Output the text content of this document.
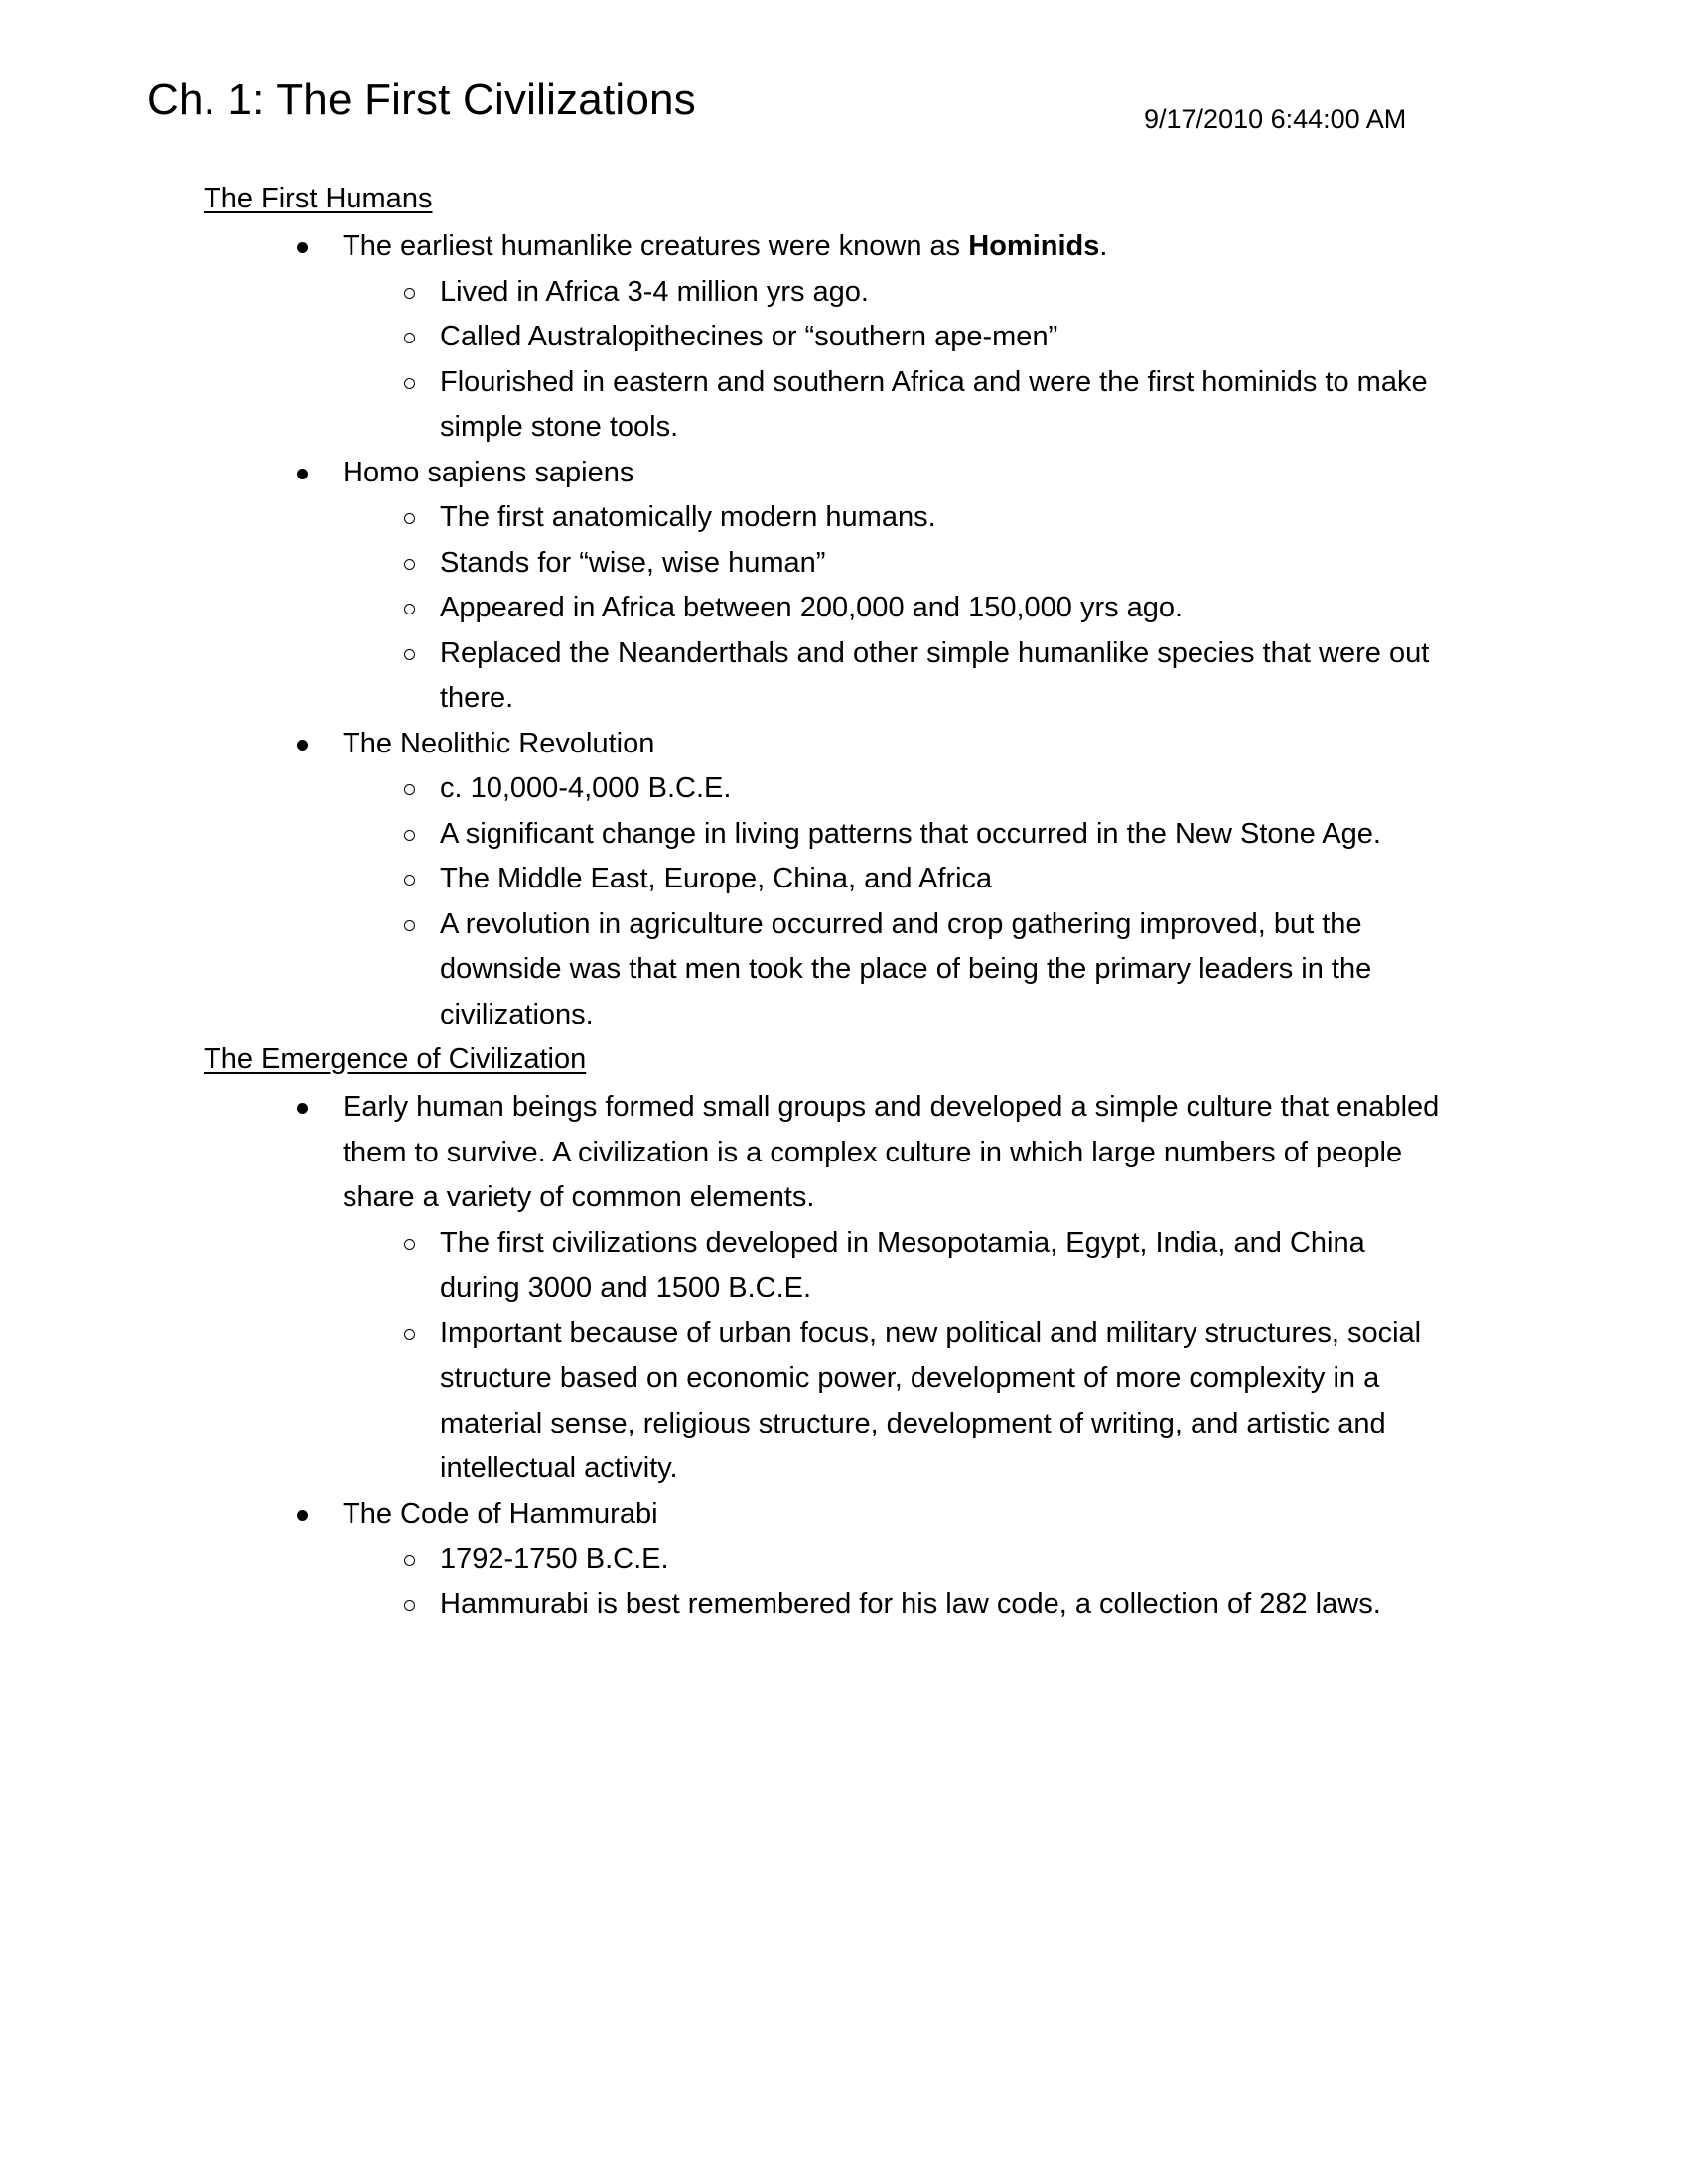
Ch. 1: The First Civilizations	9/17/2010 6:44:00 AM
The First Humans
The earliest humanlike creatures were known as Hominids.
Lived in Africa 3-4 million yrs ago.
Called Australopithecines or “southern ape-men”
Flourished in eastern and southern Africa and were the first hominids to make simple stone tools.
Homo sapiens sapiens
The first anatomically modern humans.
Stands for “wise, wise human”
Appeared in Africa between 200,000 and 150,000 yrs ago.
Replaced the Neanderthals and other simple humanlike species that were out there.
The Neolithic Revolution
c. 10,000-4,000 B.C.E.
A significant change in living patterns that occurred in the New Stone Age.
The Middle East, Europe, China, and Africa
A revolution in agriculture occurred and crop gathering improved, but the downside was that men took the place of being the primary leaders in the civilizations.
The Emergence of Civilization
Early human beings formed small groups and developed a simple culture that enabled them to survive. A civilization is a complex culture in which large numbers of people share a variety of common elements.
The first civilizations developed in Mesopotamia, Egypt, India, and China during 3000 and 1500 B.C.E.
Important because of urban focus, new political and military structures, social structure based on economic power, development of more complexity in a material sense, religious structure, development of writing, and artistic and intellectual activity.
The Code of Hammurabi
1792-1750 B.C.E.
Hammurabi is best remembered for his law code, a collection of 282 laws.
